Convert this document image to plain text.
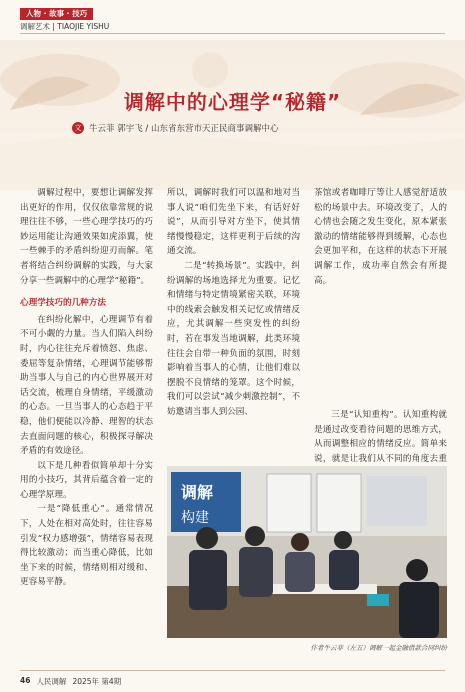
人物 · 故事 · 技巧
调解艺术 | TIAOJIE YISHU
调解中的心理学“秘籍”
文 牛云菲 郭宇飞 / 山东省东营市天正民商事调解中心

调解过程中，要想让调解发挥出更好的作用，仅仅依靠常规的说理往往不够，一些心理学技巧的巧妙运用能让沟通效果如虎添翼，使一些棘手的矛盾纠纷迎刃而解。笔者将结合纠纷调解的实践，与大家分享一些调解中的心理学“秘籍”。

心理学技巧的几种方法

在纠纷化解中，心理调节有着不可小觑的力量。当人们陷入纠纷时，内心往往充斥着愤怒、焦虑、委屈等复杂情绪，心理调节能够帮助当事人与自己的内心世界展开对话交流，梳理自身情绪，平缓激动的心态。一旦当事人的心态趋于平稳，他们便能以冷静、理智的状态去直面问题的核心，积极探寻解决矛盾的有效途径。

以下是几种看似简单却十分实用的小技巧，其背后蕴含着一定的心理学原理。

一是“降低重心”。通常情况下，人处在相对高处时，往往容易引发“权力感增强”，情绪容易表现得比较激动；而当重心降低，比如坐下来的时候，情绪则相对缓和、更容易平静。

所以，调解时我们可以温和地对当事人说“咱们先坐下来，有话好好说”，从而引导对方坐下，使其情绪慢慢稳定，这样更利于后续的沟通交流。

二是“转换场景”。实践中，纠纷调解的场地选择尤为重要。记忆和情绪与特定情境紧密关联，环境中的线索会触发相关记忆或情绪反应，尤其调解一些突发性的纠纷时，若在事发当地调解，此类环境往往会自带一种负面的氛围，时刻影响着当事人的心情，让他们难以摆脱不良情绪的笼罩。这个时候，我们可以尝试“减少刺激控制”，不妨邀请当事人到公园、

茶馆或者咖啡厅等让人感觉舒适放松的场景中去。环境改变了，人的心情也会随之发生变化，原本紧张激动的情绪能够得到缓解，心态也会更加平和，在这样的状态下开展调解工作，成功率自然会有所提高。

三是“认知重构”。认知重构就是通过改变看待问题的思维方式，从而调整相应的情绪反应。简单来说，就是让我们从不同的角度去重

调解
构建
作者牛云菲（左五）调解一起金融借款合同纠纷
46 人民调解 2025年 第4期
